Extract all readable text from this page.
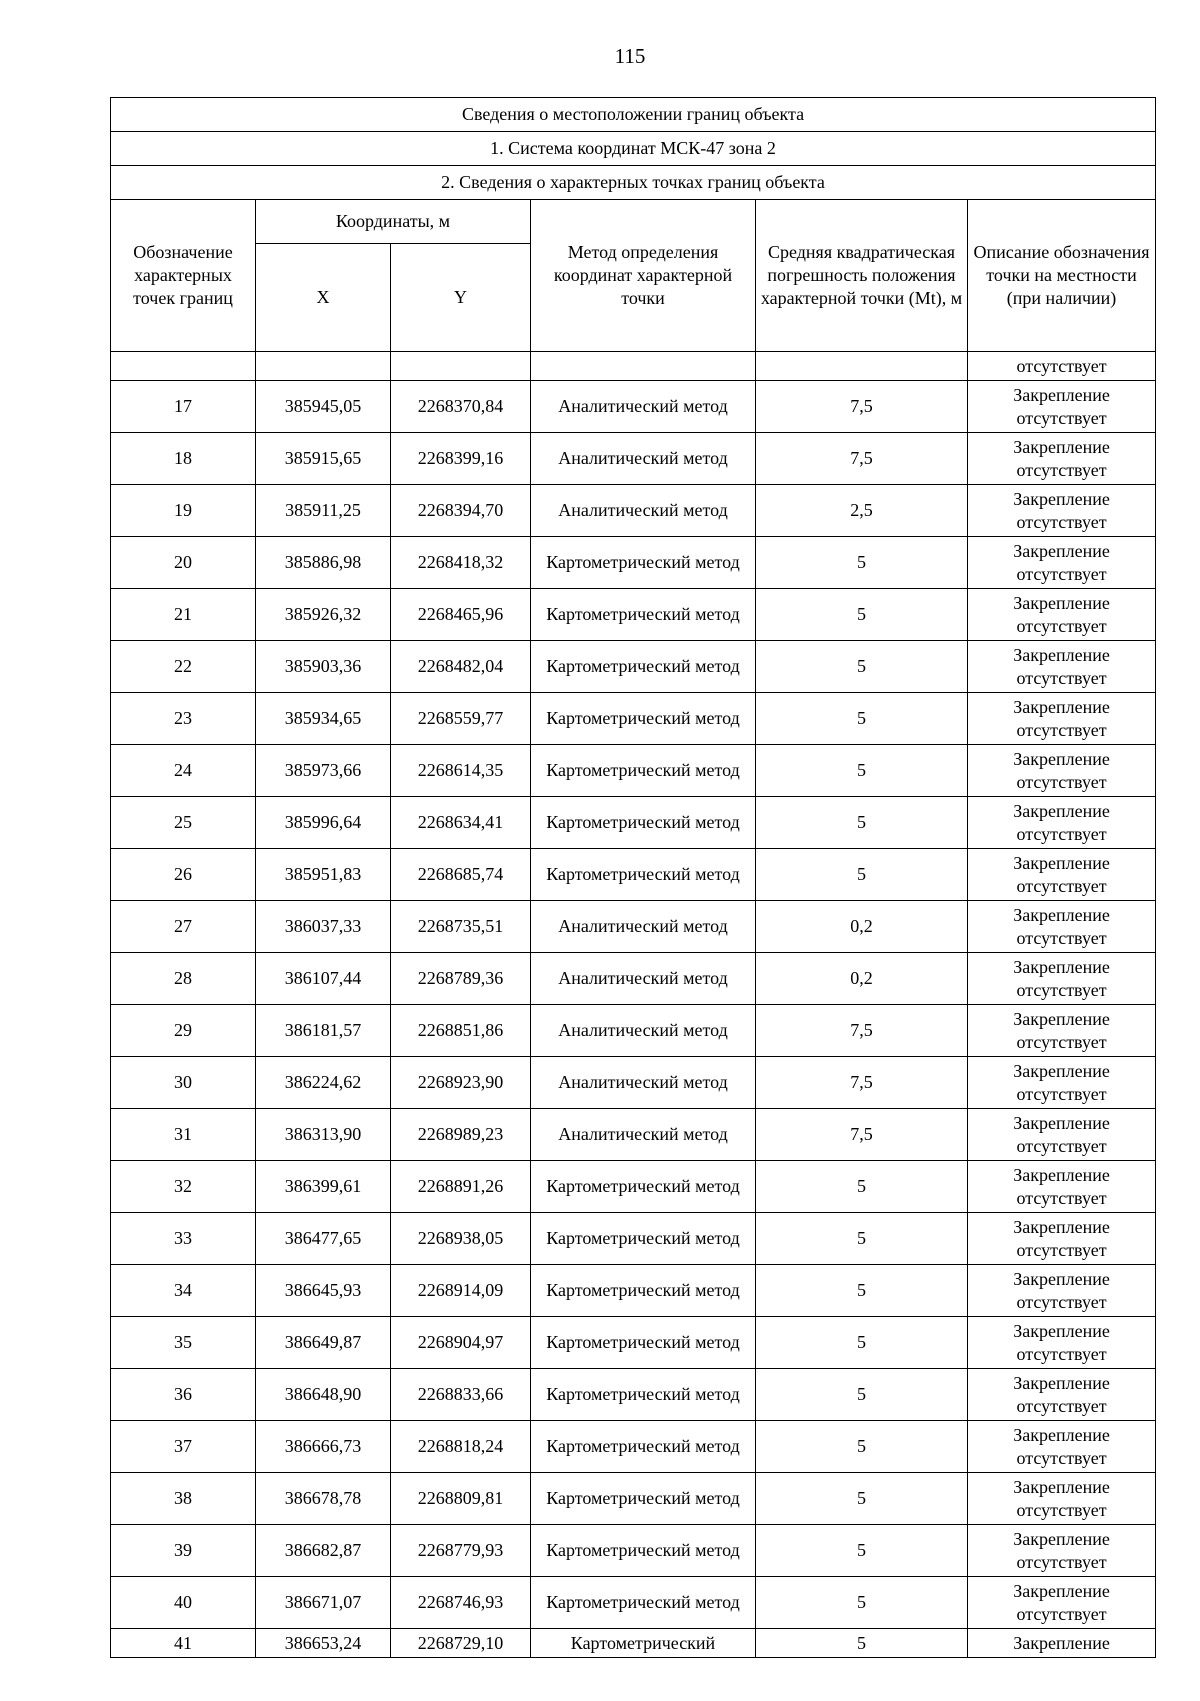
115
Сведения о местоположении границ объекта					
1. Система координат МСК-47 зона 2					
2. Сведения о характерных точках границ объекта					
Обозначение характерных точек границ	Координаты, м		Метод определения координат характерной точки	Средняя квадратическая погрешность положения характерной точки (Mt), м	Описание обозначения точки на местности (при наличии)
	X	Y			
					отсутствует
17	385945,05	2268370,84	Аналитический метод	7,5	Закрепление отсутствует
18	385915,65	2268399,16	Аналитический метод	7,5	Закрепление отсутствует
19	385911,25	2268394,70	Аналитический метод	2,5	Закрепление отсутствует
20	385886,98	2268418,32	Картометрический метод	5	Закрепление отсутствует
21	385926,32	2268465,96	Картометрический метод	5	Закрепление отсутствует
22	385903,36	2268482,04	Картометрический метод	5	Закрепление отсутствует
23	385934,65	2268559,77	Картометрический метод	5	Закрепление отсутствует
24	385973,66	2268614,35	Картометрический метод	5	Закрепление отсутствует
25	385996,64	2268634,41	Картометрический метод	5	Закрепление отсутствует
26	385951,83	2268685,74	Картометрический метод	5	Закрепление отсутствует
27	386037,33	2268735,51	Аналитический метод	0,2	Закрепление отсутствует
28	386107,44	2268789,36	Аналитический метод	0,2	Закрепление отсутствует
29	386181,57	2268851,86	Аналитический метод	7,5	Закрепление отсутствует
30	386224,62	2268923,90	Аналитический метод	7,5	Закрепление отсутствует
31	386313,90	2268989,23	Аналитический метод	7,5	Закрепление отсутствует
32	386399,61	2268891,26	Картометрический метод	5	Закрепление отсутствует
33	386477,65	2268938,05	Картометрический метод	5	Закрепление отсутствует
34	386645,93	2268914,09	Картометрический метод	5	Закрепление отсутствует
35	386649,87	2268904,97	Картометрический метод	5	Закрепление отсутствует
36	386648,90	2268833,66	Картометрический метод	5	Закрепление отсутствует
37	386666,73	2268818,24	Картометрический метод	5	Закрепление отсутствует
38	386678,78	2268809,81	Картометрический метод	5	Закрепление отсутствует
39	386682,87	2268779,93	Картометрический метод	5	Закрепление отсутствует
40	386671,07	2268746,93	Картометрический метод	5	Закрепление отсутствует
41	386653,24	2268729,10	Картометрический	5	Закрепление
